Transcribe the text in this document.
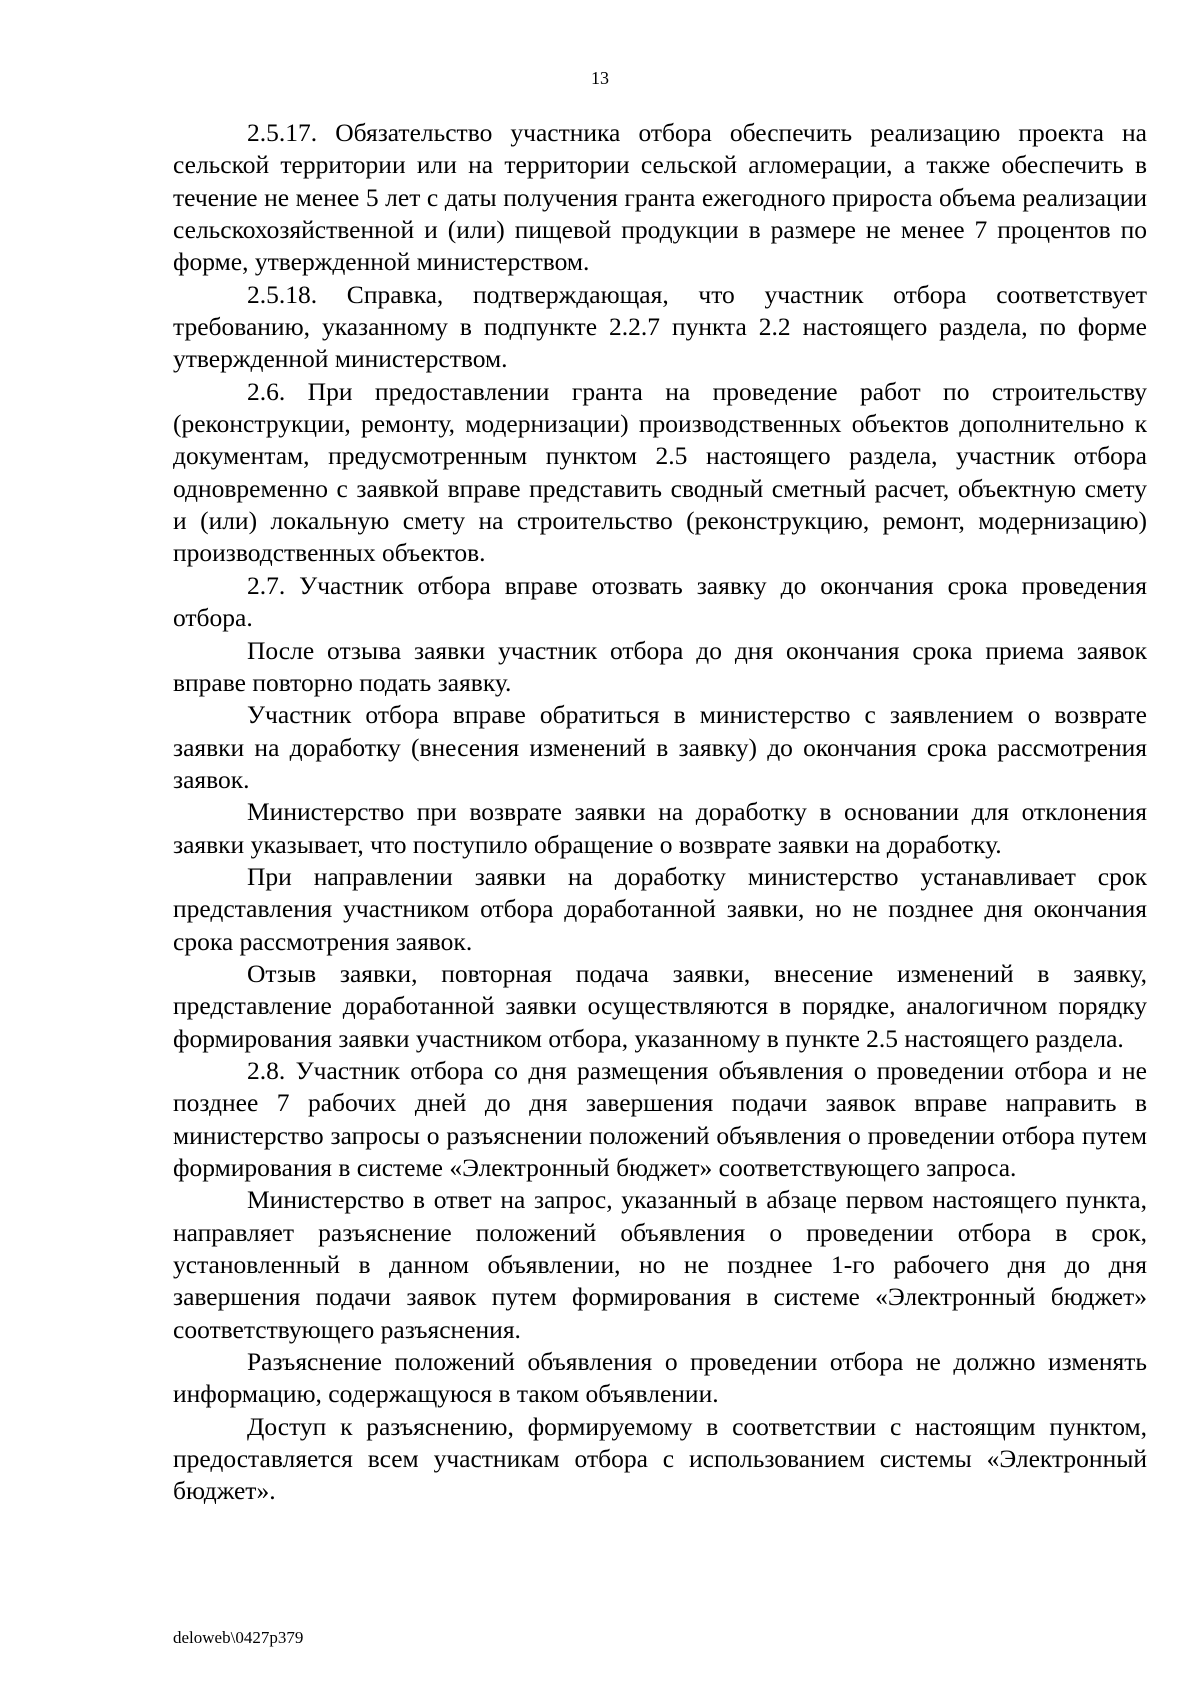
13

2.5.17. Обязательство участника отбора обеспечить реализацию проекта на сельской территории или на территории сельской агломерации, а также обеспечить в течение не менее 5 лет с даты получения гранта ежегодного прироста объема реализации сельскохозяйственной и (или) пищевой продукции в размере не менее 7 процентов по форме, утвержденной министерством.

2.5.18. Справка, подтверждающая, что участник отбора соответствует требованию, указанному в подпункте 2.2.7 пункта 2.2 настоящего раздела, по форме утвержденной министерством.

2.6. При предоставлении гранта на проведение работ по строительству (реконструкции, ремонту, модернизации) производственных объектов дополнительно к документам, предусмотренным пунктом 2.5 настоящего раздела, участник отбора одновременно с заявкой вправе представить сводный сметный расчет, объектную смету и (или) локальную смету на строительство (реконструкцию, ремонт, модернизацию) производственных объектов.

2.7. Участник отбора вправе отозвать заявку до окончания срока проведения отбора.

После отзыва заявки участник отбора до дня окончания срока приема заявок вправе повторно подать заявку.

Участник отбора вправе обратиться в министерство с заявлением о возврате заявки на доработку (внесения изменений в заявку) до окончания срока рассмотрения заявок.

Министерство при возврате заявки на доработку в основании для отклонения заявки указывает, что поступило обращение о возврате заявки на доработку.

При направлении заявки на доработку министерство устанавливает срок представления участником отбора доработанной заявки, но не позднее дня окончания срока рассмотрения заявок.

Отзыв заявки, повторная подача заявки, внесение изменений в заявку, представление доработанной заявки осуществляются в порядке, аналогичном порядку формирования заявки участником отбора, указанному в пункте 2.5 настоящего раздела.

2.8. Участник отбора со дня размещения объявления о проведении отбора и не позднее 7 рабочих дней до дня завершения подачи заявок вправе направить в министерство запросы о разъяснении положений объявления о проведении отбора путем формирования в системе «Электронный бюджет» соответствующего запроса.

Министерство в ответ на запрос, указанный в абзаце первом настоящего пункта, направляет разъяснение положений объявления о проведении отбора в срок, установленный в данном объявлении, но не позднее 1-го рабочего дня до дня завершения подачи заявок путем формирования в системе «Электронный бюджет» соответствующего разъяснения.

Разъяснение положений объявления о проведении отбора не должно изменять информацию, содержащуюся в таком объявлении.

Доступ к разъяснению, формируемому в соответствии с настоящим пунктом, предоставляется всем участникам отбора с использованием системы «Электронный бюджет».

deloweb\0427p379
